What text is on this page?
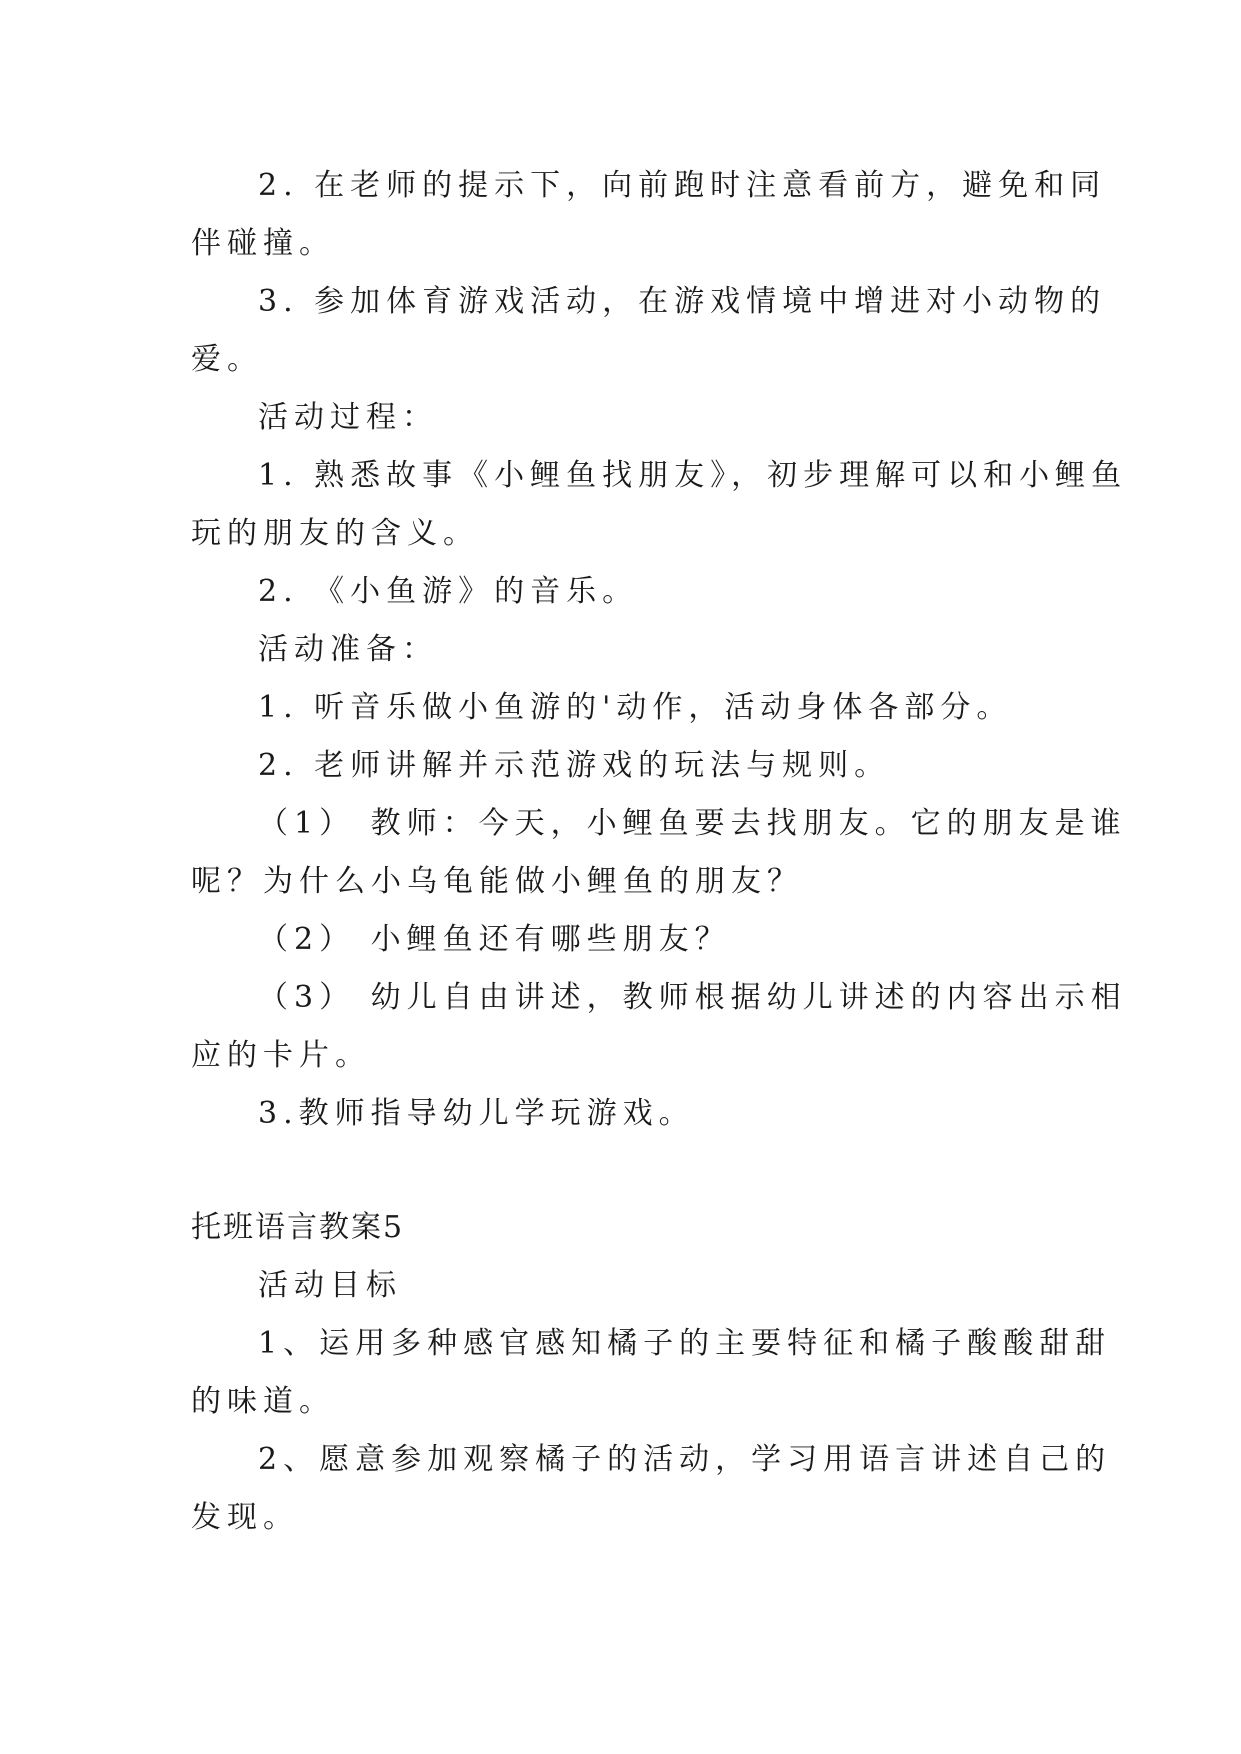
2. 在老师的提示下，向前跑时注意看前方，避免和同
伴碰撞。
3. 参加体育游戏活动，在游戏情境中增进对小动物的
爱。
活动过程：
1. 熟悉故事《小鲤鱼找朋友》，初步理解可以和小鲤鱼
玩的朋友的含义。
2. 《小鱼游》的音乐。
活动准备：
1. 听音乐做小鱼游的'动作，活动身体各部分。
2. 老师讲解并示范游戏的玩法与规则。
（1） 教师：今天，小鲤鱼要去找朋友。它的朋友是谁
呢？为什么小乌龟能做小鲤鱼的朋友？
（2） 小鲤鱼还有哪些朋友？
（3） 幼儿自由讲述，教师根据幼儿讲述的内容出示相
应的卡片。
3.教师指导幼儿学玩游戏。
托班语言教案5
活动目标
1、运用多种感官感知橘子的主要特征和橘子酸酸甜甜
的味道。
2、愿意参加观察橘子的活动，学习用语言讲述自己的
发现。
